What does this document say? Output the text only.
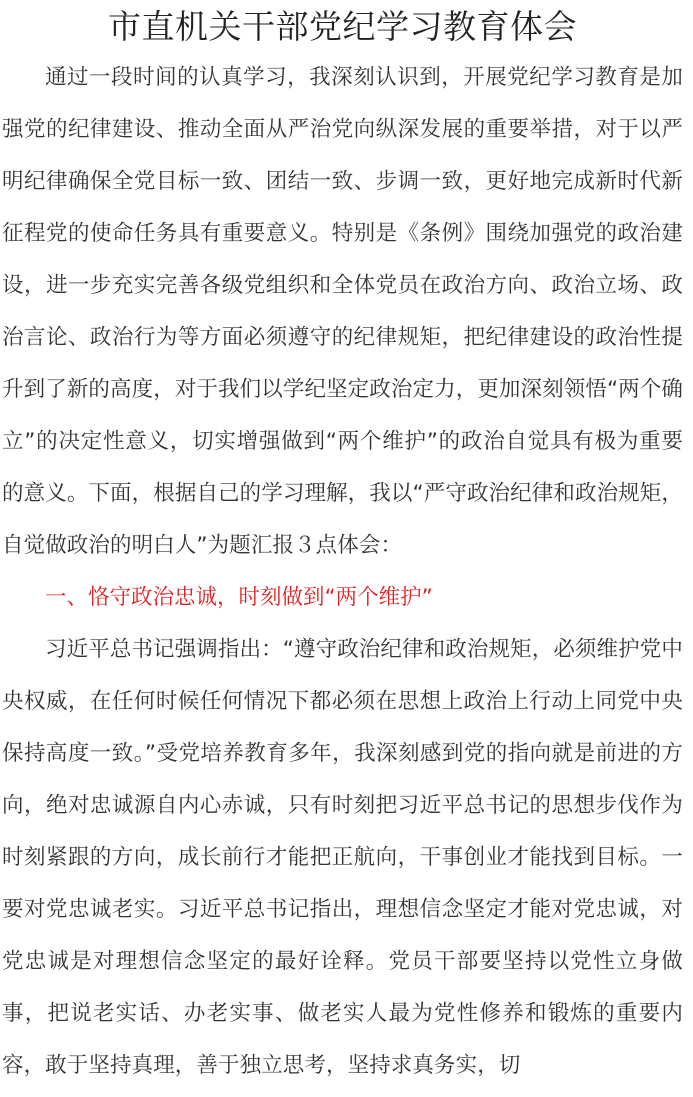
市直机关干部党纪学习教育体会

通过一段时间的认真学习，我深刻认识到，开展党纪学习教育是加强党的纪律建设、推动全面从严治党向纵深发展的重要举措，对于以严明纪律确保全党目标一致、团结一致、步调一致，更好地完成新时代新征程党的使命任务具有重要意义。特别是《条例》围绕加强党的政治建设，进一步充实完善各级党组织和全体党员在政治方向、政治立场、政治言论、政治行为等方面必须遵守的纪律规矩，把纪律建设的政治性提升到了新的高度，对于我们以学纪坚定政治定力，更加深刻领悟“两个确立”的决定性意义，切实增强做到“两个维护”的政治自觉具有极为重要的意义。下面，根据自己的学习理解，我以“严守政治纪律和政治规矩，自觉做政治的明白人”为题汇报３点体会：

一、恪守政治忠诚，时刻做到“两个维护”

习近平总书记强调指出：“遵守政治纪律和政治规矩，必须维护党中央权威，在任何时候任何情况下都必须在思想上政治上行动上同党中央保持高度一致。”受党培养教育多年，我深刻感到党的指向就是前进的方向，绝对忠诚源自内心赤诚，只有时刻把习近平总书记的思想步伐作为时刻紧跟的方向，成长前行才能把正航向，干事创业才能找到目标。一要对党忠诚老实。习近平总书记指出，理想信念坚定才能对党忠诚，对党忠诚是对理想信念坚定的最好诠释。党员干部要坚持以党性立身做事，把说老实话、办老实事、做老实人最为党性修养和锻炼的重要内容，敢于坚持真理，善于独立思考，坚持求真务实，切
